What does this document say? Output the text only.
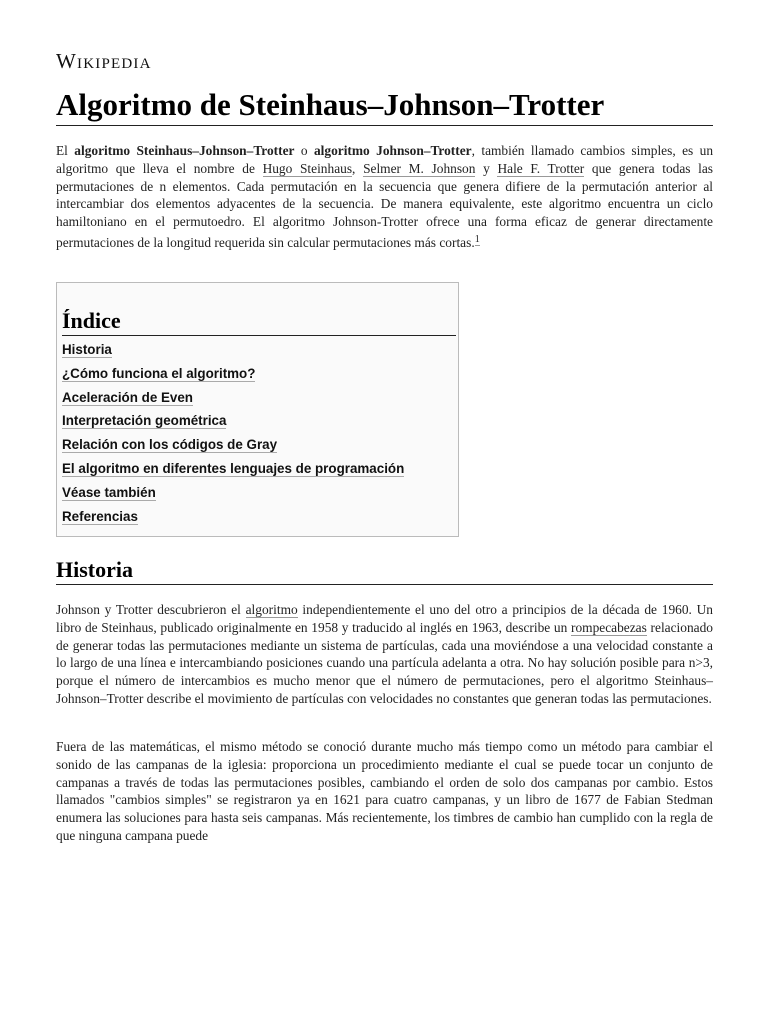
Wikipedia
Algoritmo de Steinhaus–Johnson–Trotter

El algoritmo Steinhaus–Johnson–Trotter o algoritmo Johnson–Trotter, también llamado cambios simples, es un algoritmo que lleva el nombre de Hugo Steinhaus, Selmer M. Johnson y Hale F. Trotter que genera todas las permutaciones de n elementos. Cada permutación en la secuencia que genera difiere de la permutación anterior al intercambiar dos elementos adyacentes de la secuencia. De manera equivalente, este algoritmo encuentra un ciclo hamiltoniano en el permutoedro. El algoritmo Johnson-Trotter ofrece una forma eficaz de generar directamente permutaciones de la longitud requerida sin calcular permutaciones más cortas.$^1$

Índice
Historia
¿Cómo funciona el algoritmo?
Aceleración de Even
Interpretación geométrica
Relación con los códigos de Gray
El algoritmo en diferentes lenguajes de programación
Véase también
Referencias
Historia

Johnson y Trotter descubrieron el algoritmo independientemente el uno del otro a principios de la década de 1960. Un libro de Steinhaus, publicado originalmente en 1958 y traducido al inglés en 1963, describe un rompecabezas relacionado de generar todas las permutaciones mediante un sistema de partículas, cada una moviéndose a una velocidad constante a lo largo de una línea e intercambiando posiciones cuando una partícula adelanta a otra. No hay solución posible para n>3, porque el número de intercambios es mucho menor que el número de permutaciones, pero el algoritmo Steinhaus–Johnson–Trotter describe el movimiento de partículas con velocidades no constantes que generan todas las permutaciones.

Fuera de las matemáticas, el mismo método se conoció durante mucho más tiempo como un método para cambiar el sonido de las campanas de la iglesia: proporciona un procedimiento mediante el cual se puede tocar un conjunto de campanas a través de todas las permutaciones posibles, cambiando el orden de solo dos campanas por cambio. Estos llamados "cambios simples" se registraron ya en 1621 para cuatro campanas, y un libro de 1677 de Fabian Stedman enumera las soluciones para hasta seis campanas. Más recientemente, los timbres de cambio han cumplido con la regla de que ninguna campana puede
